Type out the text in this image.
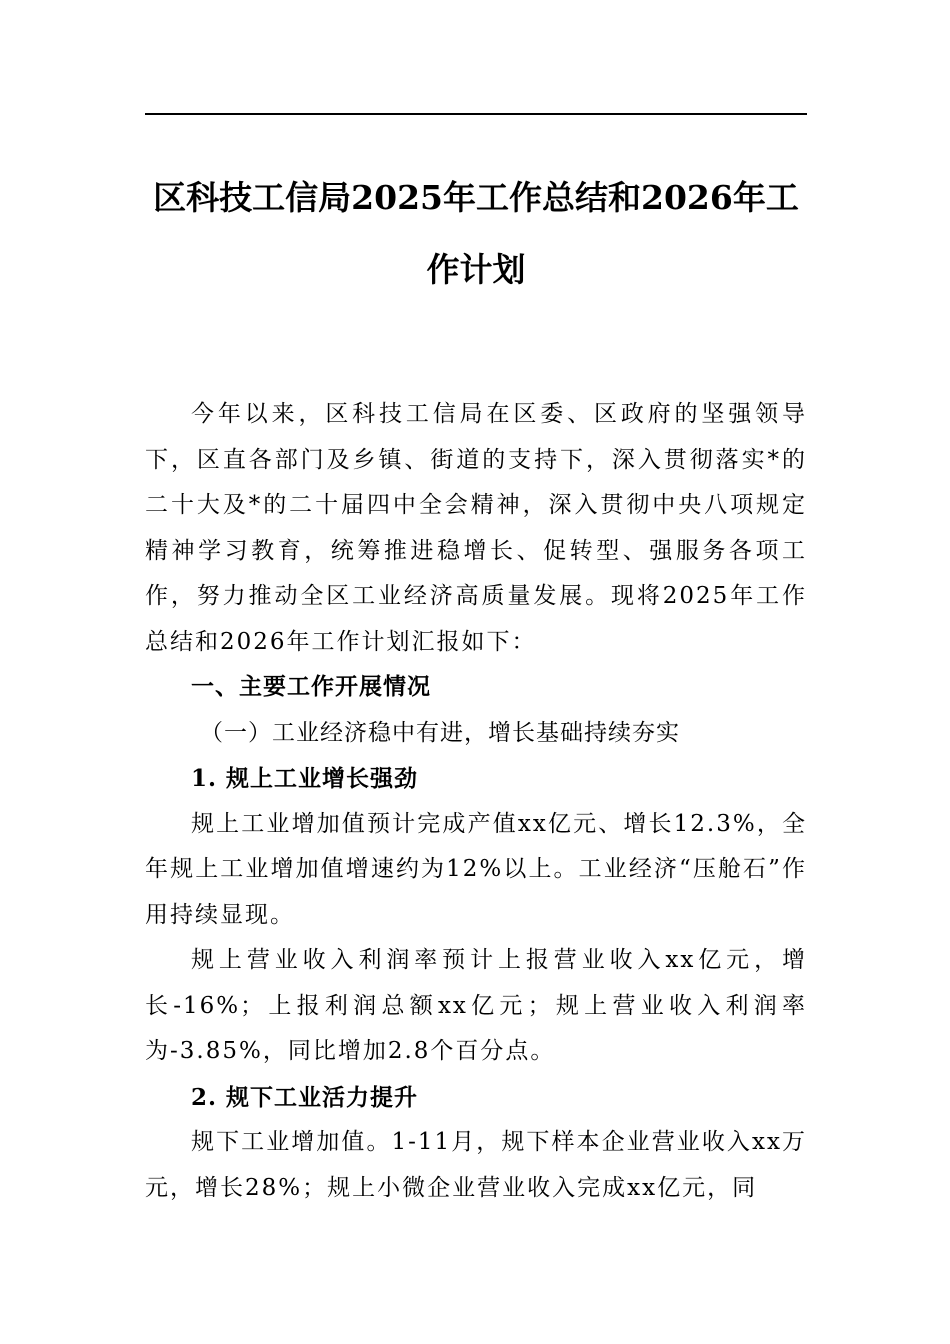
区科技工信局2025年工作总结和2026年工作计划

今年以来，区科技工信局在区委、区政府的坚强领导下，区直各部门及乡镇、街道的支持下，深入贯彻落实*的二十大及*的二十届四中全会精神，深入贯彻中央八项规定精神学习教育，统筹推进稳增长、促转型、强服务各项工作，努力推动全区工业经济高质量发展。现将2025年工作总结和2026年工作计划汇报如下：

一、主要工作开展情况

（一）工业经济稳中有进，增长基础持续夯实

1. 规上工业增长强劲

规上工业增加值预计完成产值xx亿元、增长12.3%，全年规上工业增加值增速约为12%以上。工业经济“压舱石”作用持续显现。

规上营业收入利润率预计上报营业收入xx亿元，增长-16%；上报利润总额xx亿元；规上营业收入利润率为-3.85%，同比增加2.8个百分点。

2. 规下工业活力提升

规下工业增加值。1-11月，规下样本企业营业收入xx万元，增长28%；规上小微企业营业收入完成xx亿元，同
